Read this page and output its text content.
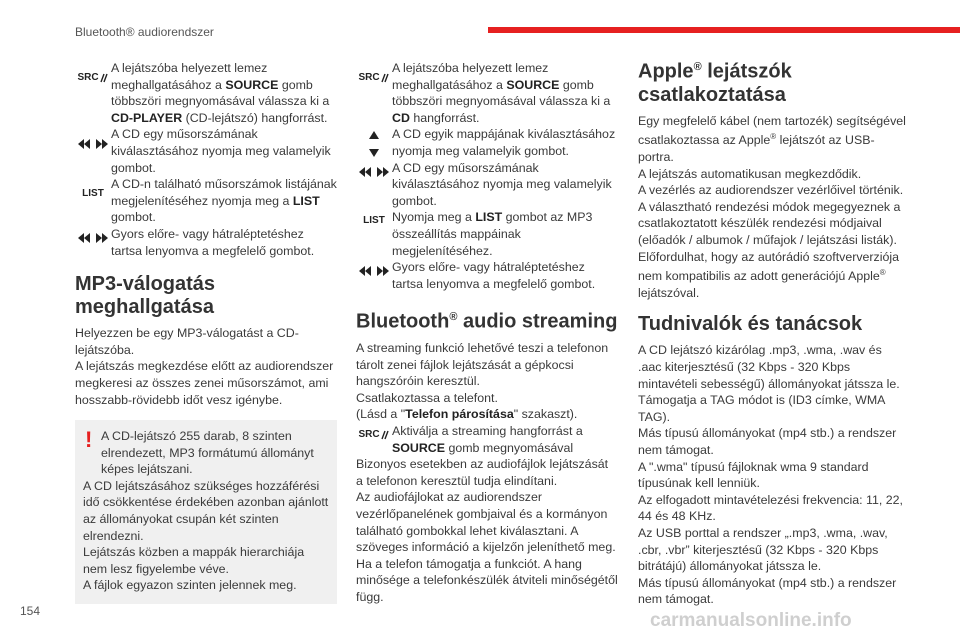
Bluetooth® audiorendszer
SRC
A lejátszóba helyezett lemez meghallgatásához a SOURCE gomb többszöri megnyomásával válassza ki a CD-PLAYER (CD-lejátszó) hangforrást.
A CD egy műsorszámának kiválasztásához nyomja meg valamelyik gombot.
LIST
A CD-n található műsorszámok listájának megjelenítéséhez nyomja meg a LIST gombot.
Gyors előre- vagy hátraléptetéshez tartsa lenyomva a megfelelő gombot.
MP3-válogatás meghallgatása

Helyezzen be egy MP3-válogatást a CD-lejátszóba.

A lejátszás megkezdése előtt az audiorendszer megkeresi az összes zenei műsorszámot, ami hosszabb-rövidebb időt vesz igénybe.

! A CD-lejátszó 255 darab, 8 szinten elrendezett, MP3 formátumú állományt képes lejátszani.

A CD lejátszásához szükséges hozzáférési idő csökkentése érdekében azonban ajánlott az állományokat csupán két szinten elrendezni.

Lejátszás közben a mappák hierarchiája nem lesz figyelembe véve.

A fájlok egyazon szinten jelennek meg.

SRC
A lejátszóba helyezett lemez meghallgatásához a SOURCE gomb többszöri megnyomásával válassza ki a CD hangforrást.
A CD egyik mappájának kiválasztásához nyomja meg valamelyik gombot.
A CD egy műsorszámának kiválasztásához nyomja meg valamelyik gombot.
LIST Nyomja meg a LIST gombot az MP3 összeállítás mappáinak megjelenítéséhez.
Gyors előre- vagy hátraléptetéshez tartsa lenyomva a megfelelő gombot.
Bluetooth® audio streaming

A streaming funkció lehetővé teszi a telefonon tárolt zenei fájlok lejátszását a gépkocsi hangszóróin keresztül.

Csatlakoztassa a telefont.

(Lásd a "Telefon párosítása" szakaszt).

SRC Aktiválja a streaming hangforrást a SOURCE gomb megnyomásával

Bizonyos esetekben az audiofájlok lejátszását a telefonon keresztül tudja elindítani.

Az audiofájlokat az audiorendszer vezérlőpanelének gombjaival és a kormányon található gombokkal lehet kiválasztani. A szöveges információ a kijelzőn jeleníthető meg.

Ha a telefon támogatja a funkciót. A hang minősége a telefonkészülék átviteli minőségétől függ.

Apple® lejátszók csatlakoztatása

Egy megfelelő kábel (nem tartozék) segítségével csatlakoztassa az Apple® lejátszót az USB-portra.

A lejátszás automatikusan megkezdődik.

A vezérlés az audiorendszer vezérlőivel történik.

A választható rendezési módok megegyeznek a csatlakoztatott készülék rendezési módjaival (előadók / albumok / műfajok / lejátszási listák).

Előfordulhat, hogy az autórádió szoftververziója nem kompatibilis az adott generációjú Apple® lejátszóval.

Tudnivalók és tanácsok

A CD lejátszó kizárólag .mp3, .wma, .wav és .aac kiterjesztésű (32 Kbps - 320 Kbps mintavételi sebességű) állományokat játssza le.

Támogatja a TAG módot is (ID3 címke, WMA TAG).

Más típusú állományokat (mp4 stb.) a rendszer nem támogat.

A ".wma" típusú fájloknak wma 9 standard típusúnak kell lenniük.

Az elfogadott mintavételezési frekvencia: 11, 22, 44 és 48 KHz.

Az USB porttal a rendszer „.mp3, .wma, .wav, .cbr, .vbr” kiterjesztésű (32 Kbps - 320 Kbps bitrátájú) állományokat játssza le.

Más típusú állományokat (mp4 stb.) a rendszer nem támogat.

154	carmanualsonline.info
